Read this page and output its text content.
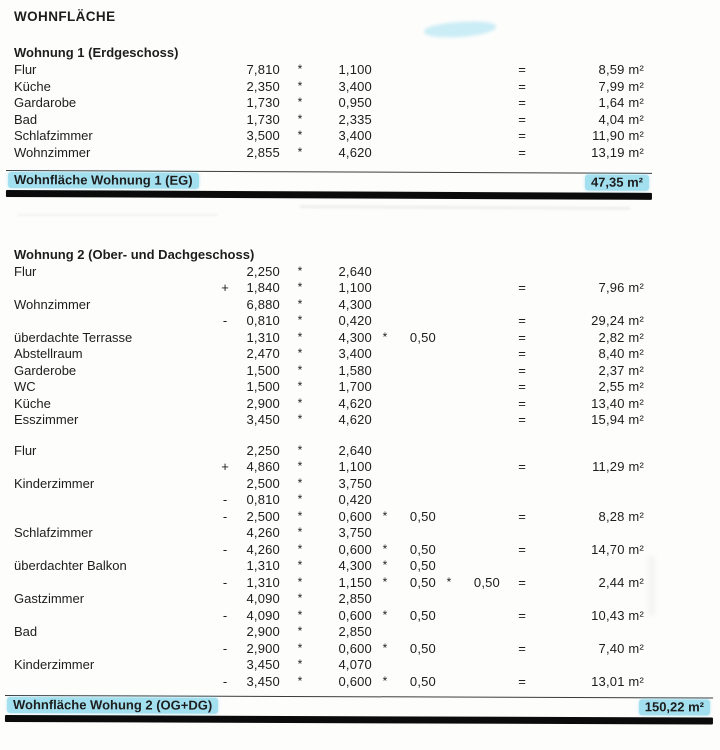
WOHNFLÄCHE
Wohnung 1 (Erdgeschoss)
Flur	7,810	*	1,100	=	8,59 m²
Küche	2,350	*	3,400	=	7,99 m²
Gardarobe	1,730	*	0,950	=	1,64 m²
Bad	1,730	*	2,335	=	4,04 m²
Schlafzimmer	3,500	*	3,400	=	11,90 m²
Wohnzimmer	2,855	*	4,620	=	13,19 m²
Wohnfläche Wohnung 1 (EG)	47,35 m²
Wohnung 2 (Ober- und Dachgeschoss)
Flur	2,250	*	2,640
+	1,840	*	1,100	=	7,96 m²
Wohnzimmer	6,880	*	4,300
-	0,810	*	0,420	=	29,24 m²
überdachte Terrasse	1,310	*	4,300 *	0,50	=	2,82 m²
Abstellraum	2,470	*	3,400	=	8,40 m²
Garderobe	1,500	*	1,580	=	2,37 m²
WC	1,500	*	1,700	=	2,55 m²
Küche	2,900	*	4,620	=	13,40 m²
Esszimmer	3,450	*	4,620	=	15,94 m²
Flur	2,250	*	2,640
+	4,860	*	1,100	=	11,29 m²
Kinderzimmer	2,500	*	3,750
-	0,810	*	0,420
-	2,500	*	0,600 *	0,50	=	8,28 m²
Schlafzimmer	4,260	*	3,750
-	4,260	*	0,600 *	0,50	=	14,70 m²
überdachter Balkon	1,310	*	4,300 *	0,50
-	1,310	*	1,150 *	0,50 *	0,50	=	2,44 m²
Gastzimmer	4,090	*	2,850
-	4,090	*	0,600 *	0,50	=	10,43 m²
Bad	2,900	*	2,850
-	2,900	*	0,600 *	0,50	=	7,40 m²
Kinderzimmer	3,450	*	4,070
-	3,450	*	0,600 *	0,50	=	13,01 m²
Wohnfläche Wohung 2 (OG+DG)	150,22 m²
